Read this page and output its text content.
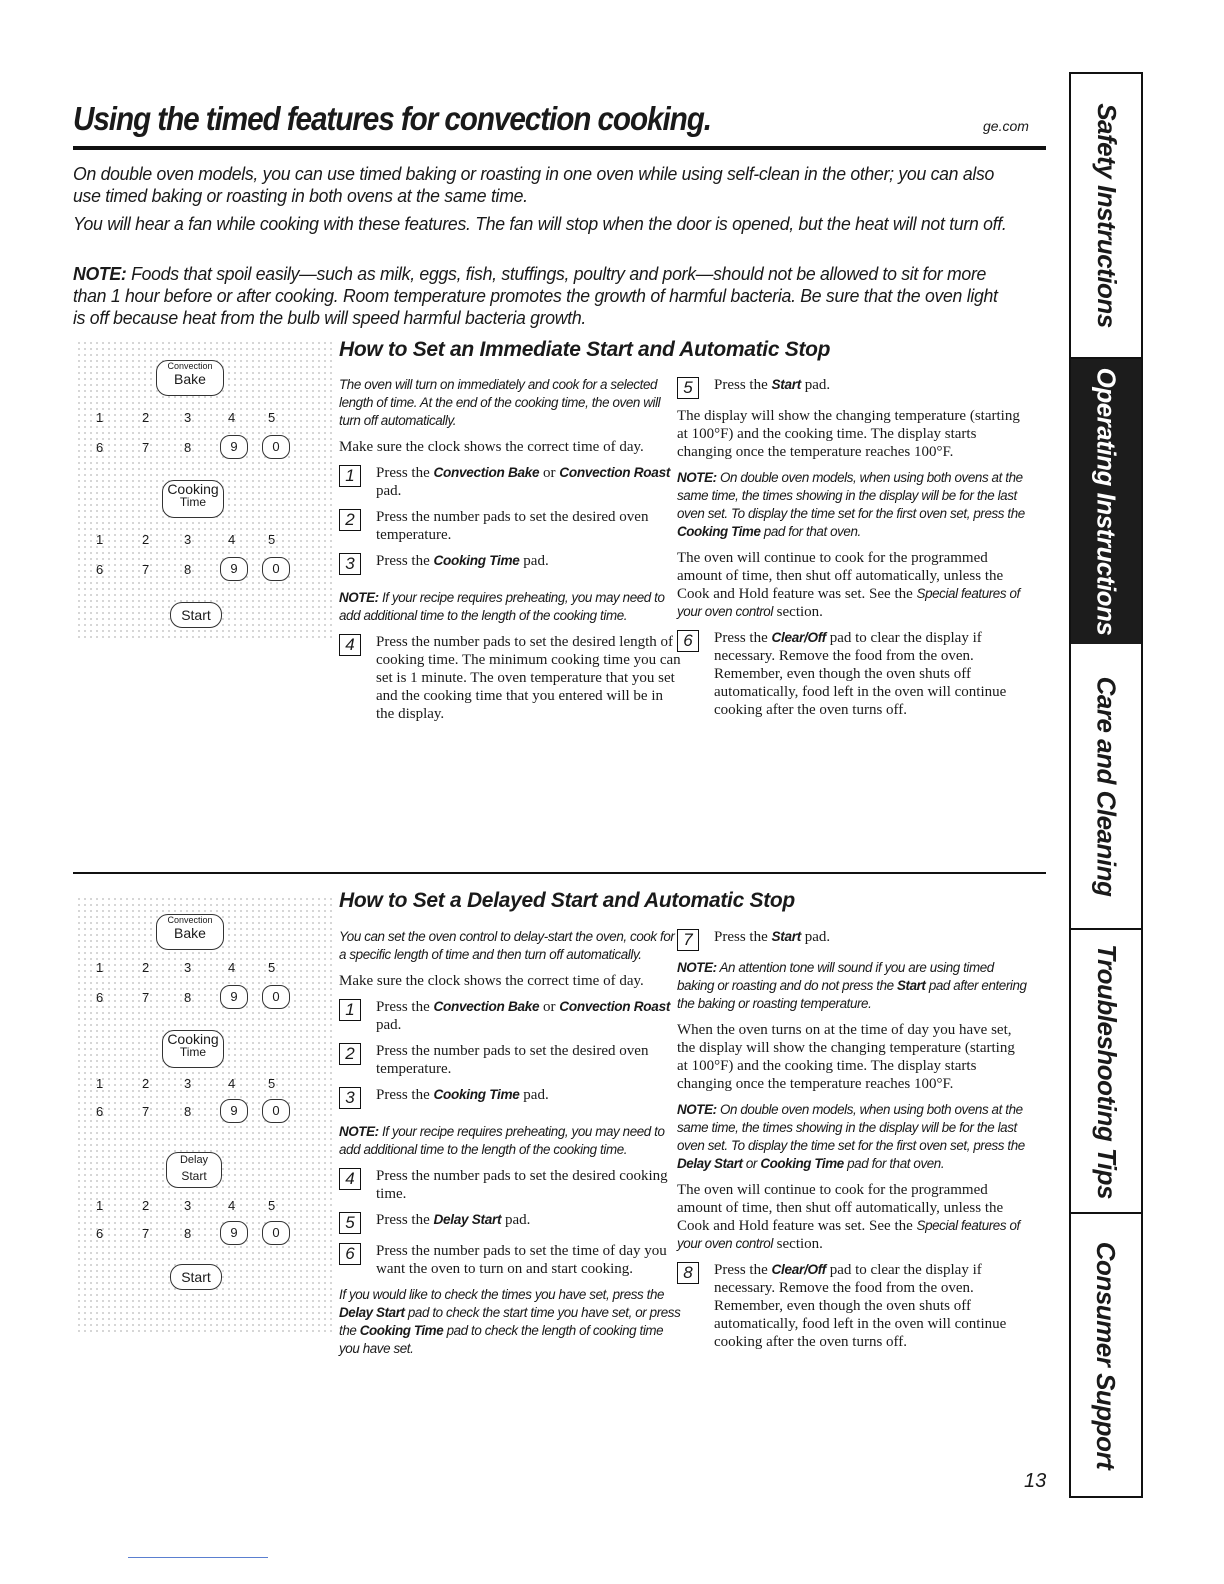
Using the timed features for convection cooking.	ge.com
On double oven models, you can use timed baking or roasting in one oven while using self-clean in the other; you can also use timed baking or roasting in both ovens at the same time.
You will hear a fan while cooking with these features. The fan will stop when the door is opened, but the heat will not turn off.
NOTE: Foods that spoil easily—such as milk, eggs, fish, stuffings, poultry and pork—should not be allowed to sit for more than 1 hour before or after cooking. Room temperature promotes the growth of harmful bacteria. Be sure that the oven light is off because heat from the bulb will speed harmful bacteria growth.
How to Set an Immediate Start and Automatic Stop
Convection
Bake
1	2	3	4	5
6	7	8	9	0
Cooking
Time
1	2	3	4	5
6	7	8	9	0
Start

The oven will turn on immediately and cook for a selected length of time. At the end of the cooking time, the oven will turn off automatically.

Make sure the clock shows the correct time of day.

1	Press the Convection Bake or Convection Roast pad.
2	Press the number pads to set the desired oven temperature.
3	Press the Cooking Time pad.

NOTE: If your recipe requires preheating, you may need to add additional time to the length of the cooking time.

4	Press the number pads to set the desired length of cooking time. The minimum cooking time you can set is 1 minute. The oven temperature that you set and the cooking time that you entered will be in the display.
5	Press the Start pad.

The display will show the changing temperature (starting at 100°F) and the cooking time. The display starts changing once the temperature reaches 100°F.

NOTE: On double oven models, when using both ovens at the same time, the times showing in the display will be for the last oven set. To display the time set for the first oven set, press the Cooking Time pad for that oven.

The oven will continue to cook for the programmed amount of time, then shut off automatically, unless the Cook and Hold feature was set. See the Special features of your oven control section.

6	Press the Clear/Off pad to clear the display if necessary. Remove the food from the oven. Remember, even though the oven shuts off automatically, food left in the oven will continue cooking after the oven turns off.
How to Set a Delayed Start and Automatic Stop
Convection
Bake
1	2	3	4	5
6	7	8	9	0
Cooking
Time
1	2	3	4	5
6	7	8	9	0
Delay
Start
1	2	3	4	5
6	7	8	9	0
Start

You can set the oven control to delay-start the oven, cook for a specific length of time and then turn off automatically.

Make sure the clock shows the correct time of day.

1	Press the Convection Bake or Convection Roast pad.
2	Press the number pads to set the desired oven temperature.
3	Press the Cooking Time pad.

NOTE: If your recipe requires preheating, you may need to add additional time to the length of the cooking time.

4	Press the number pads to set the desired cooking time.
5	Press the Delay Start pad.
6	Press the number pads to set the time of day you want the oven to turn on and start cooking.

If you would like to check the times you have set, press the Delay Start pad to check the start time you have set, or press the Cooking Time pad to check the length of cooking time you have set.

7	Press the Start pad.

NOTE: An attention tone will sound if you are using timed baking or roasting and do not press the Start pad after entering the baking or roasting temperature.

When the oven turns on at the time of day you have set, the display will show the changing temperature (starting at 100°F) and the cooking time. The display starts changing once the temperature reaches 100°F.

NOTE: On double oven models, when using both ovens at the same time, the times showing in the display will be for the last oven set. To display the time set for the first oven set, press the Delay Start or Cooking Time pad for that oven.

The oven will continue to cook for the programmed amount of time, then shut off automatically, unless the Cook and Hold feature was set. See the Special features of your oven control section.

8	Press the Clear/Off pad to clear the display if necessary. Remove the food from the oven. Remember, even though the oven shuts off automatically, food left in the oven will continue cooking after the oven turns off.
13
Safety Instructions
Operating Instructions
Care and Cleaning
Troubleshooting Tips
Consumer Support
